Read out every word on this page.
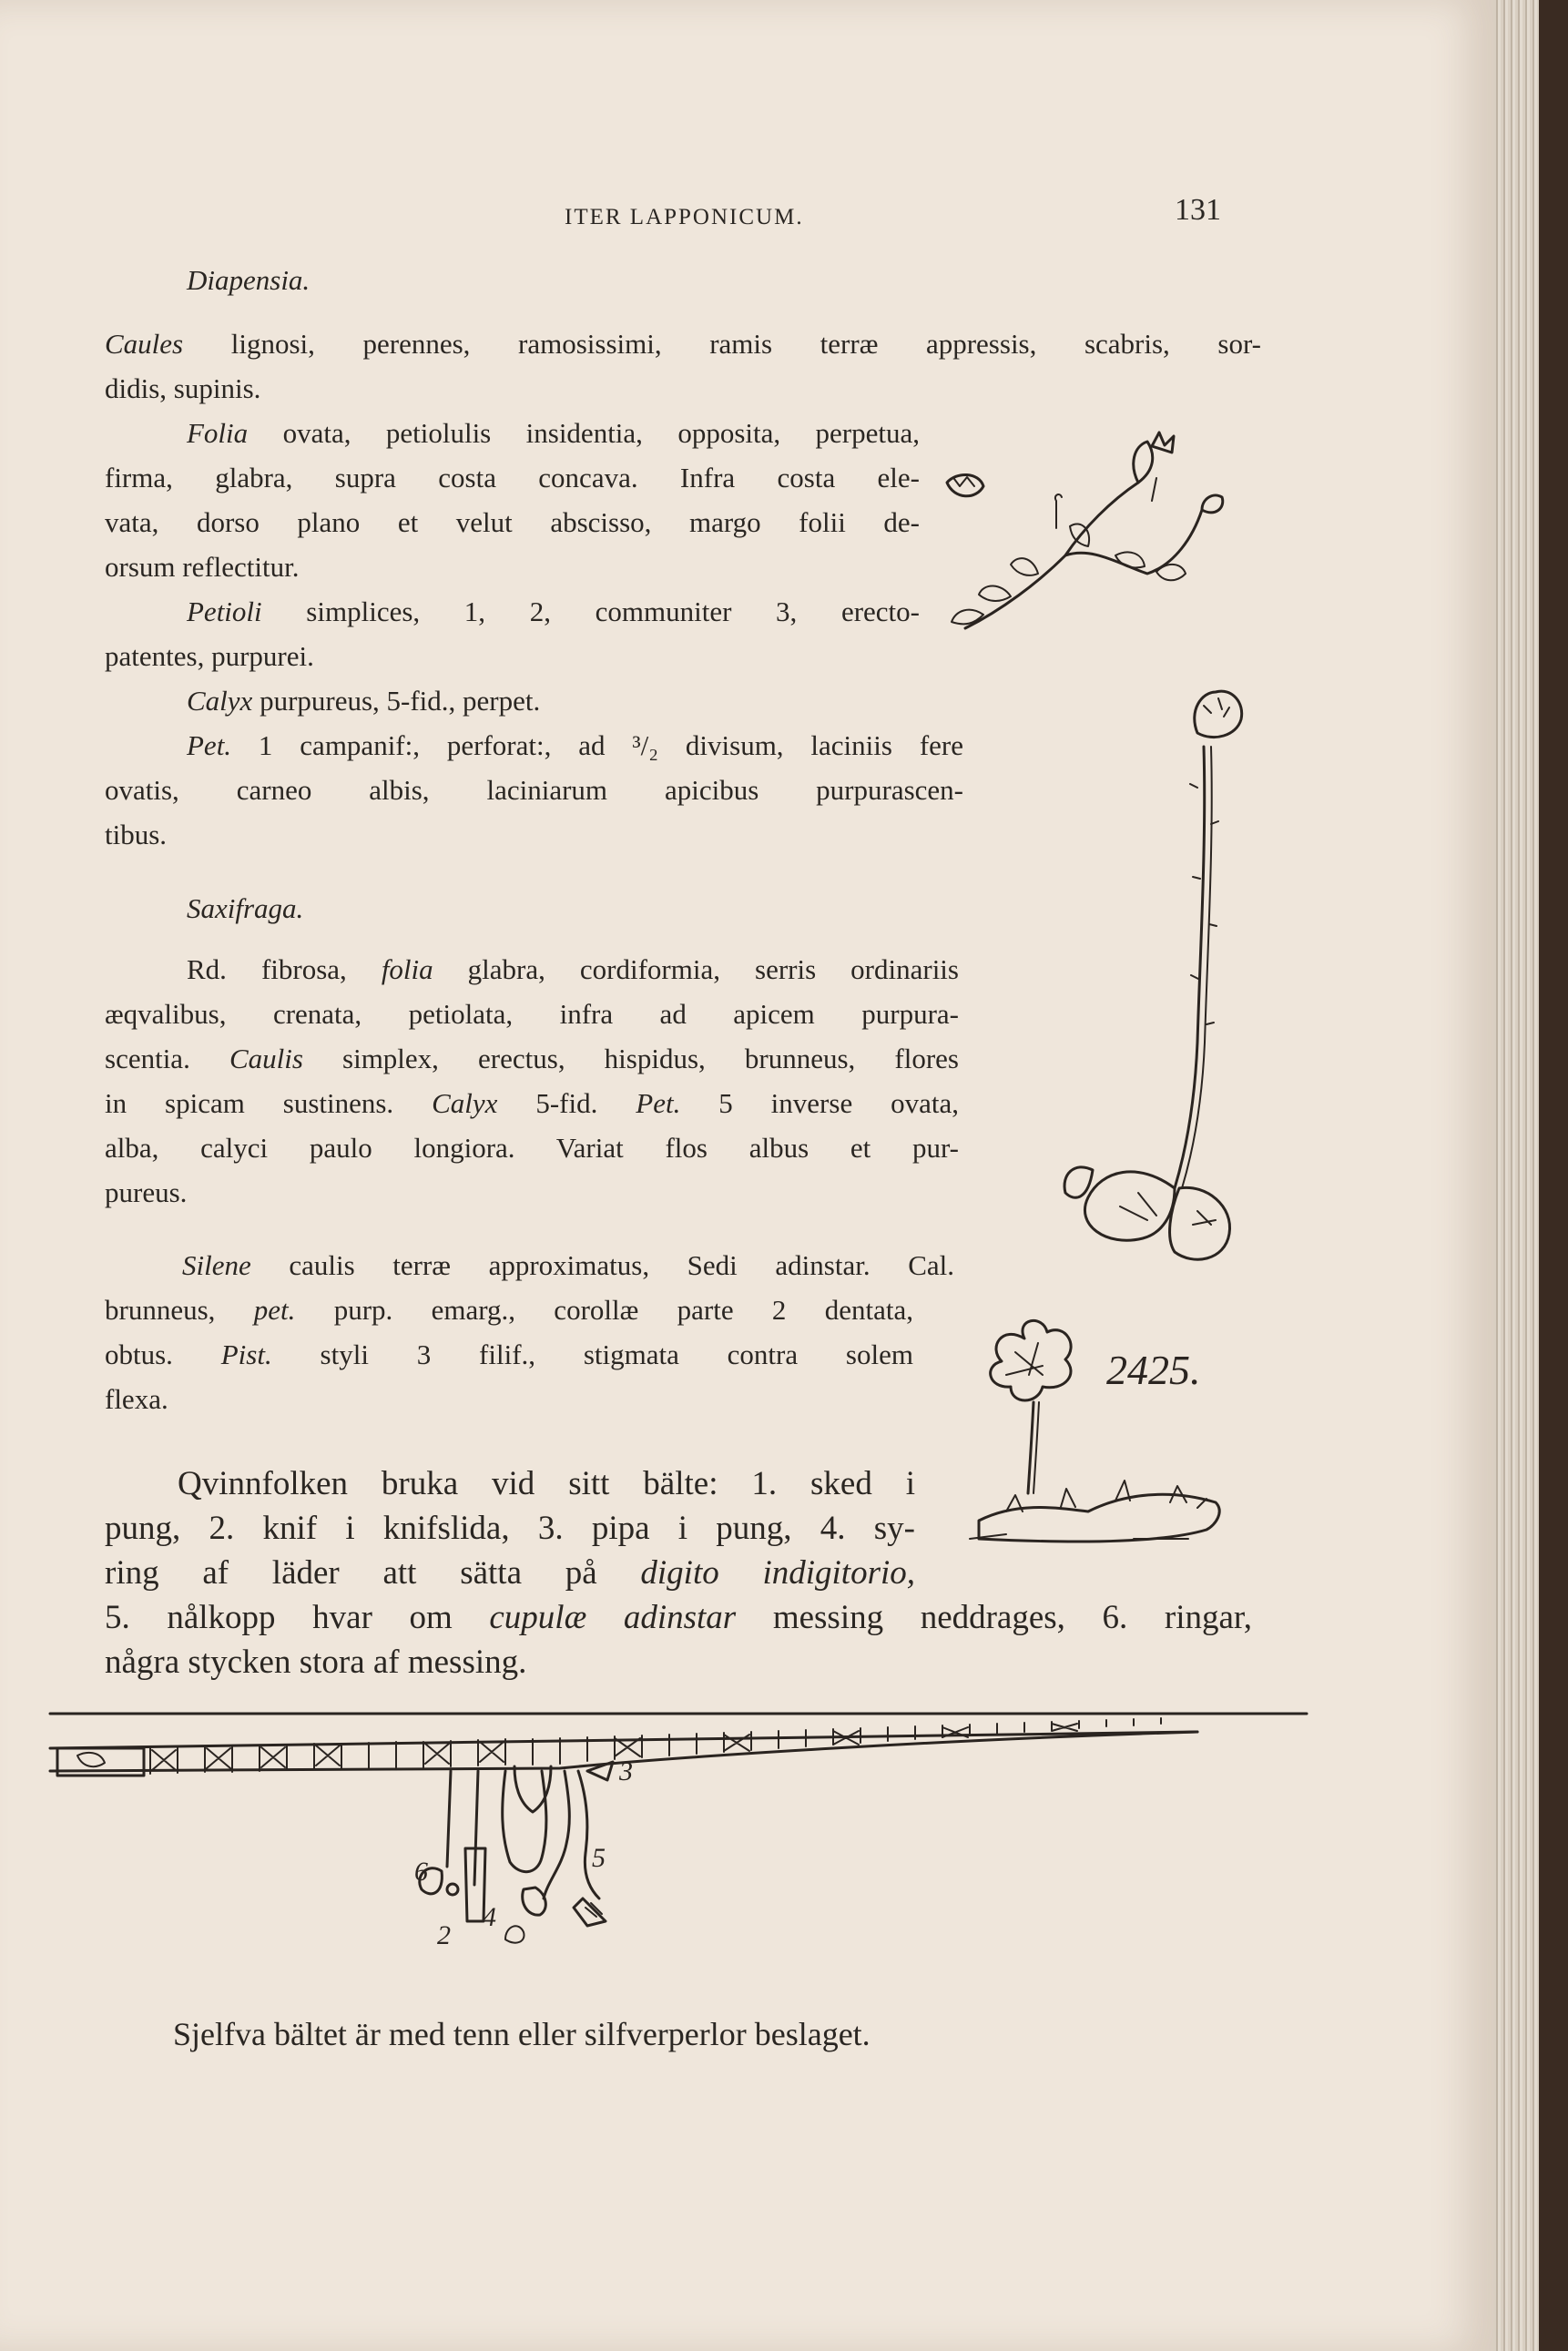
ITER LAPPONICUM.	131
Diapensia.

Caules lignosi, perennes, ramosissimi, ramis terræ appressis, scabris, sor-

didis, supinis.

Folia ovata, petiolulis insidentia, opposita, perpetua,

firma, glabra, supra costa concava. Infra costa ele-
vata, dorso plano et velut abscisso, margo folii de-
orsum reflectitur.

Petioli simplices, 1, 2, communiter 3, erecto-

patentes, purpurei.

Calyx purpureus, 5-fid., perpet.

Pet. 1 campanif:, perforat:, ad ³/₂ divisum, laciniis fere

ovatis, carneo albis, laciniarum apicibus purpurascen-
tibus.

Saxifraga.

Rd. fibrosa, folia glabra, cordiformia, serris ordinariis

æqvalibus, crenata, petiolata, infra ad apicem purpura-
scentia. Caulis simplex, erectus, hispidus, brunneus, flores
in spicam sustinens. Calyx 5-fid. Pet. 5 inverse ovata,
alba, calyci paulo longiora. Variat flos albus et pur-
pureus.

Silene caulis terræ approximatus, Sedi adinstar. Cal.

brunneus, pet. purp. emarg., corollæ parte 2 dentata,
obtus. Pist. styli 3 filif., stigmata contra solem
flexa.

Qvinnfolken bruka vid sitt bälte: 1. sked i

pung, 2. knif i knifslida, 3. pipa i pung, 4. sy-
ring af läder att sätta på digito indigitorio,

5. nålkopp hvar om cupulæ adinstar messing neddrages, 6. ringar,
några stycken stora af messing.

Sjelfva bältet är med tenn eller silfverperlor beslaget.
2425.
3
5
6
4
2
